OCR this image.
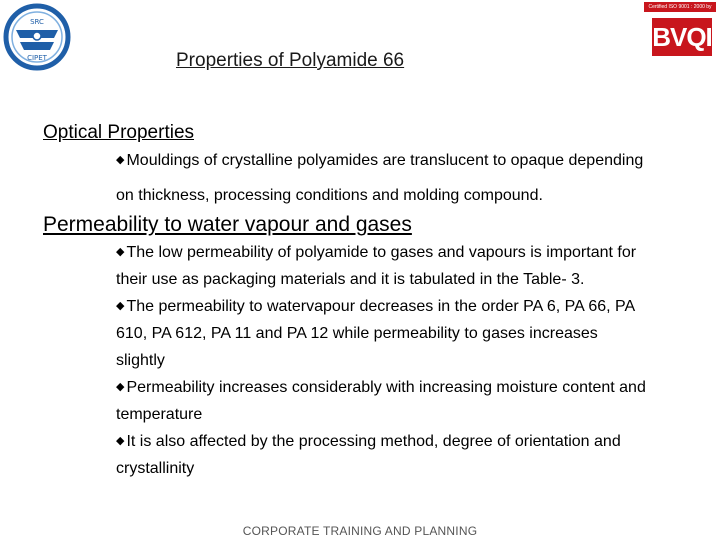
SRC
CIPET
Certified ISO 9001 : 2000 by
BVQI
Properties of Polyamide 66
Optical Properties
◆ Mouldings of crystalline polyamides are translucent to opaque depending
on thickness, processing conditions and molding compound.
Permeability to water vapour and gases
◆ The low permeability of polyamide to gases and vapours is important for
their use as packaging materials and it is tabulated in the Table- 3.
◆ The permeability to watervapour decreases in the order PA 6, PA 66, PA
610, PA 612, PA 11 and PA 12 while permeability to gases increases
slightly
◆ Permeability increases considerably with increasing moisture content and
temperature
◆ It is also affected by the processing method, degree of orientation and
crystallinity
CORPORATE TRAINING AND PLANNING
